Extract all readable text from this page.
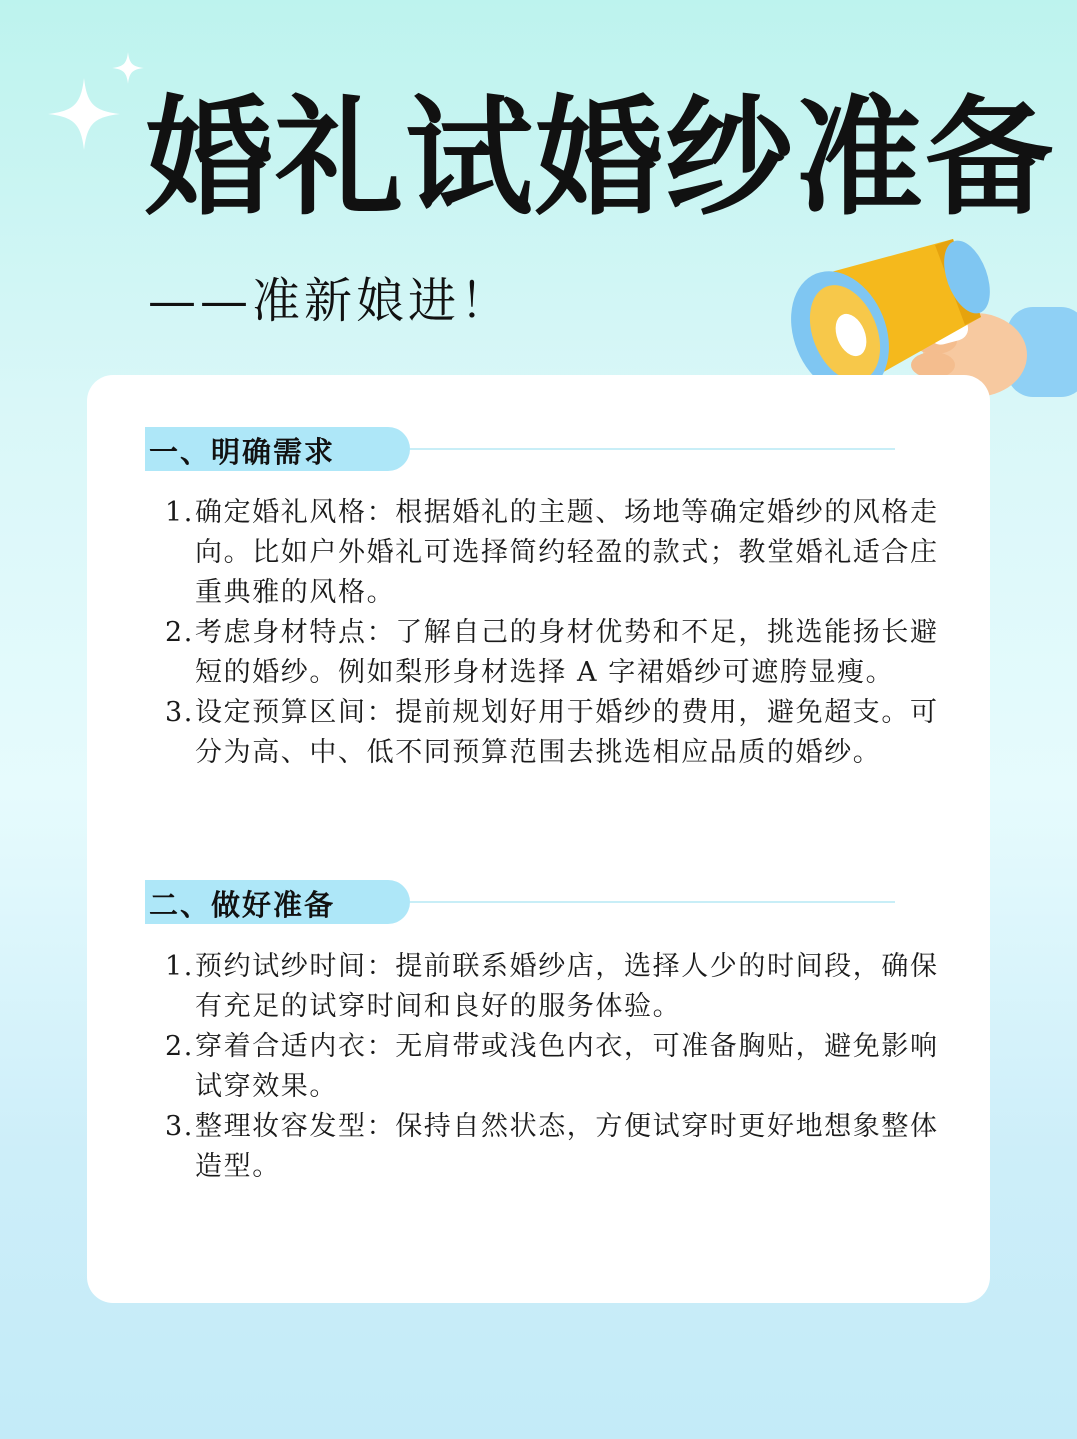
婚礼试婚纱准备
——准新娘进！
一、明确需求
1. 确定婚礼风格：根据婚礼的主题、场地等确定婚纱的风格走向。比如户外婚礼可选择简约轻盈的款式；教堂婚礼适合庄重典雅的风格。
2. 考虑身材特点：了解自己的身材优势和不足，挑选能扬长避短的婚纱。例如梨形身材选择 A 字裙婚纱可遮胯显瘦。
3. 设定预算区间：提前规划好用于婚纱的费用，避免超支。可分为高、中、低不同预算范围去挑选相应品质的婚纱。
二、做好准备
1. 预约试纱时间：提前联系婚纱店，选择人少的时间段，确保有充足的试穿时间和良好的服务体验。
2. 穿着合适内衣：无肩带或浅色内衣，可准备胸贴，避免影响试穿效果。
3. 整理妆容发型：保持自然状态，方便试穿时更好地想象整体造型。
